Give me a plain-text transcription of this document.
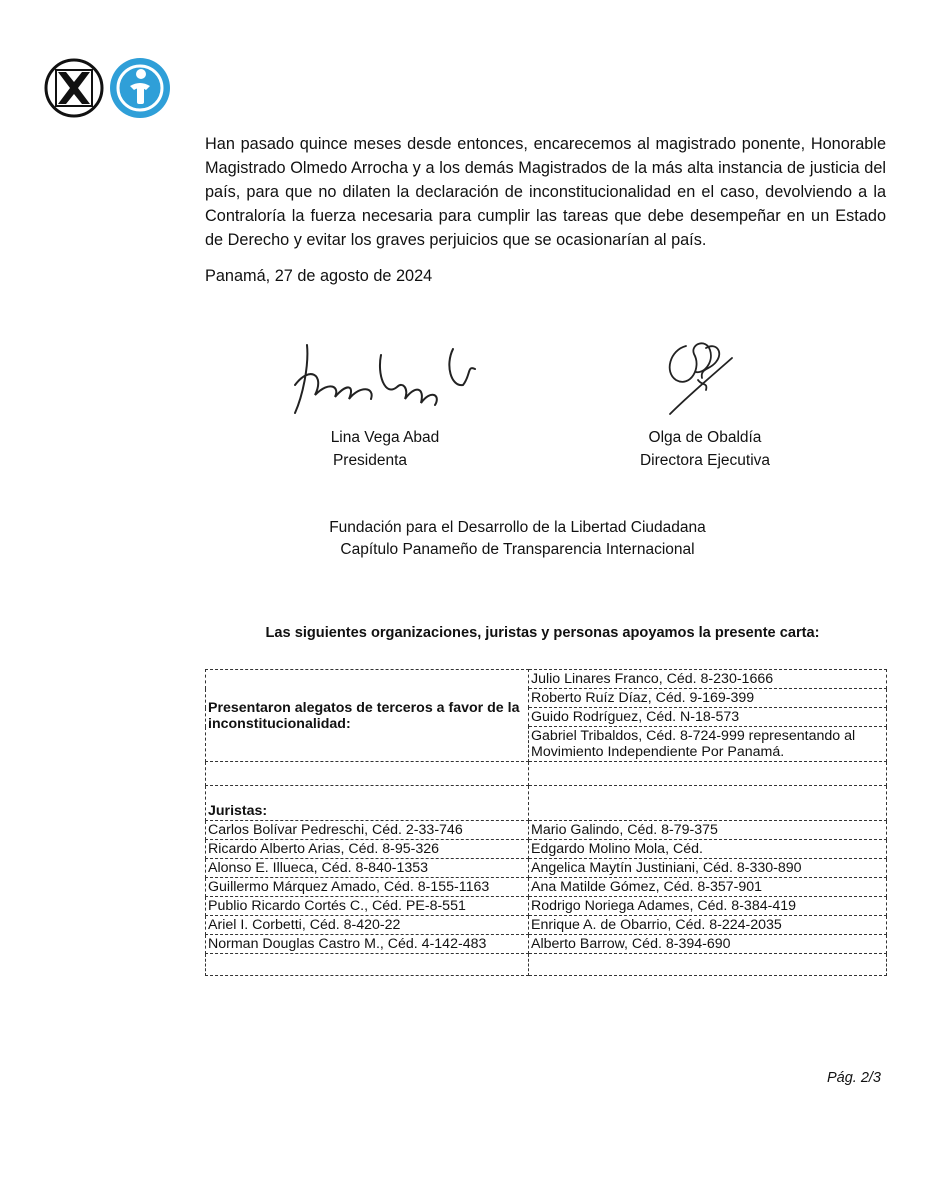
Han pasado quince meses desde entonces, encarecemos al magistrado ponente, Honorable Magistrado Olmedo Arrocha y a los demás Magistrados de la más alta instancia de justicia del país, para que no dilaten la declaración de inconstitucionalidad en el caso, devolviendo a la Contraloría la fuerza necesaria para cumplir las tareas que debe desempeñar en un Estado de Derecho y evitar los graves perjuicios que se ocasionarían al país.
Panamá, 27 de agosto de 2024
Lina Vega Abad
Presidenta
Olga de Obaldía
Directora Ejecutiva
Fundación para el Desarrollo de la Libertad Ciudadana
Capítulo Panameño de Transparencia Internacional
Las siguientes organizaciones, juristas y personas apoyamos la presente carta:
Presentaron alegatos de terceros a favor de la inconstitucionalidad:	Julio Linares Franco, Céd. 8-230-1666
	Roberto Ruíz Díaz, Céd. 9-169-399
	Guido Rodríguez, Céd. N-18-573
	Gabriel Tribaldos, Céd. 8-724-999 representando al Movimiento Independiente Por Panamá.

Juristas:	
Carlos Bolívar Pedreschi, Céd. 2-33-746	Mario Galindo, Céd. 8-79-375
Ricardo Alberto Arias, Céd. 8-95-326	Edgardo Molino Mola, Céd.
Alonso E. Illueca, Céd. 8-840-1353	Angelica Maytín Justiniani, Céd. 8-330-890
Guillermo Márquez Amado, Céd. 8-155-1163	Ana Matilde Gómez, Céd. 8-357-901
Publio Ricardo Cortés C., Céd. PE-8-551	Rodrigo Noriega Adames, Céd. 8-384-419
Ariel I. Corbetti, Céd. 8-420-22	Enrique A. de Obarrio, Céd. 8-224-2035
Norman Douglas Castro M., Céd. 4-142-483	Alberto Barrow, Céd. 8-394-690

Pág. 2/3
